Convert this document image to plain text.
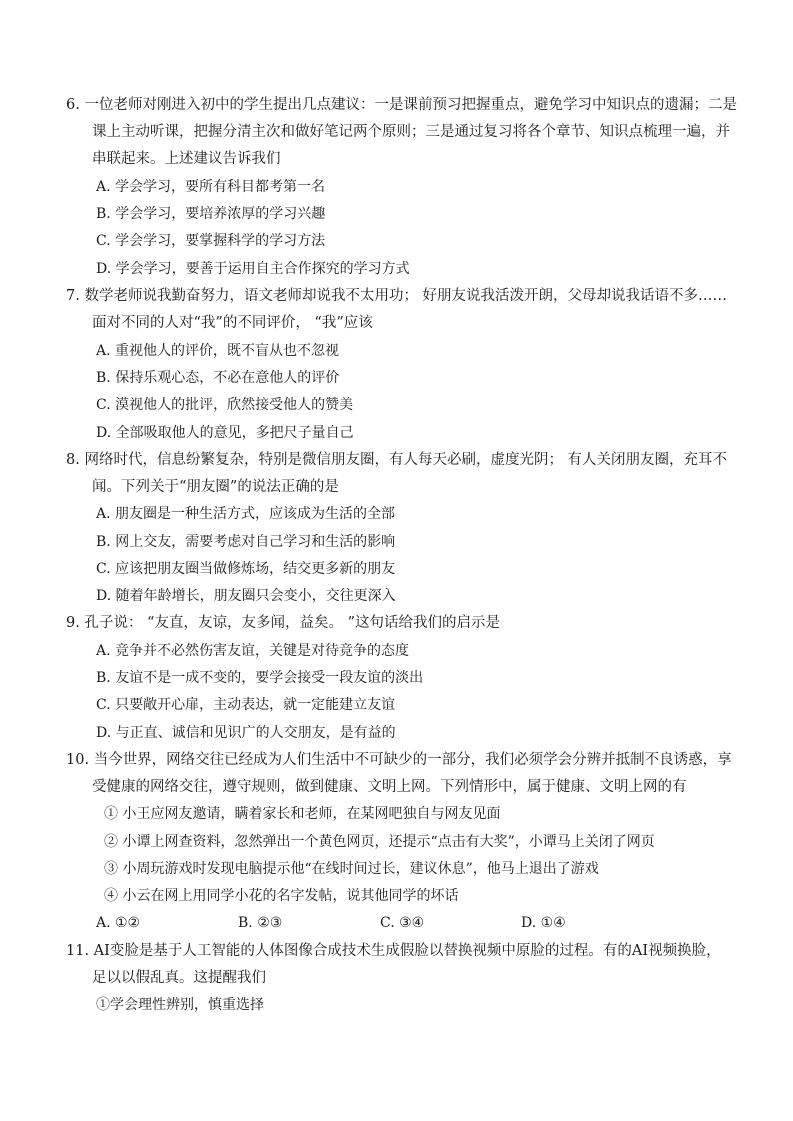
6. 一位老师对刚进入初中的学生提出几点建议：一是课前预习把握重点，避免学习中知识点的遗漏；二是
课上主动听课，把握分清主次和做好笔记两个原则；三是通过复习将各个章节、知识点梳理一遍，并
串联起来。上述建议告诉我们
A. 学会学习，要所有科目都考第一名
B. 学会学习，要培养浓厚的学习兴趣
C. 学会学习，要掌握科学的学习方法
D. 学会学习，要善于运用自主合作探究的学习方式
7. 数学老师说我勤奋努力，语文老师却说我不太用功； 好朋友说我活泼开朗，父母却说我话语不多……
面对不同的人对“我”的不同评价， “我”应该
A. 重视他人的评价，既不盲从也不忽视
B. 保持乐观心态，不必在意他人的评价
C. 漠视他人的批评，欣然接受他人的赞美
D. 全部吸取他人的意见，多把尺子量自己
8. 网络时代，信息纷繁复杂，特别是微信朋友圈，有人每天必刷，虚度光阴； 有人关闭朋友圈，充耳不
闻。下列关于“朋友圈”的说法正确的是
A. 朋友圈是一种生活方式，应该成为生活的全部
B. 网上交友，需要考虑对自己学习和生活的影响
C. 应该把朋友圈当做修炼场，结交更多新的朋友
D. 随着年龄增长，朋友圈只会变小，交往更深入
9. 孔子说： “友直，友谅，友多闻，益矣。 ”这句话给我们的启示是
A. 竞争并不必然伤害友谊，关键是对待竞争的态度
B. 友谊不是一成不变的，要学会接受一段友谊的淡出
C. 只要敞开心扉，主动表达，就一定能建立友谊
D. 与正直、诚信和见识广的人交朋友，是有益的
10. 当今世界，网络交往已经成为人们生活中不可缺少的一部分，我们必须学会分辨并抵制不良诱惑，享
受健康的网络交往，遵守规则，做到健康、文明上网。下列情形中，属于健康、文明上网的有
① 小王应网友邀请，瞒着家长和老师，在某网吧独自与网友见面
② 小谭上网查资料，忽然弹出一个黄色网页，还提示“点击有大奖”，小谭马上关闭了网页
③ 小周玩游戏时发现电脑提示他“在线时间过长，建议休息”，他马上退出了游戏
④ 小云在网上用同学小花的名字发帖，说其他同学的坏话
A. ①②	B. ②③	C. ③④	D. ①④
11. AI变脸是基于人工智能的人体图像合成技术生成假脸以替换视频中原脸的过程。有的AI视频换脸，
足以以假乱真。这提醒我们
①学会理性辨别，慎重选择
